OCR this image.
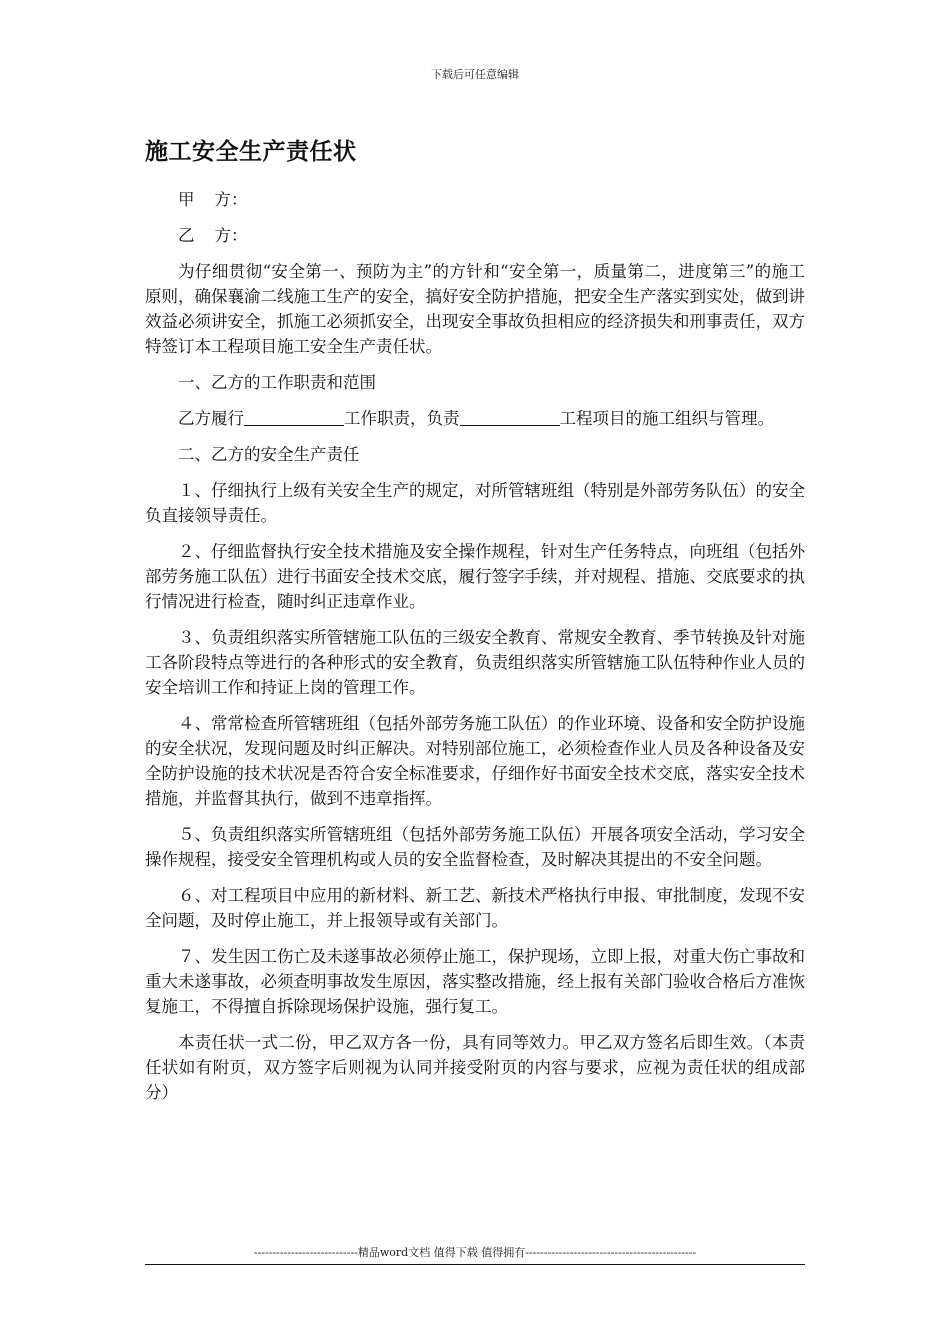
下载后可任意编辑
施工安全生产责任状

甲 方：

乙 方：

为仔细贯彻“安全第一、预防为主”的方针和“安全第一，质量第二，进度第三”的施工原则，确保襄渝二线施工生产的安全，搞好安全防护措施，把安全生产落实到实处，做到讲效益必须讲安全，抓施工必须抓安全，出现安全事故负担相应的经济损失和刑事责任，双方特签订本工程项目施工安全生产责任状。

一、乙方的工作职责和范围

乙方履行	工作职责，负责	工程项目的施工组织与管理。

二、乙方的安全生产责任

１、仔细执行上级有关安全生产的规定，对所管辖班组（特别是外部劳务队伍）的安全负直接领导责任。

２、仔细监督执行安全技术措施及安全操作规程，针对生产任务特点，向班组（包括外部劳务施工队伍）进行书面安全技术交底，履行签字手续，并对规程、措施、交底要求的执行情况进行检查，随时纠正违章作业。

３、负责组织落实所管辖施工队伍的三级安全教育、常规安全教育、季节转换及针对施工各阶段特点等进行的各种形式的安全教育，负责组织落实所管辖施工队伍特种作业人员的安全培训工作和持证上岗的管理工作。

４、常常检查所管辖班组（包括外部劳务施工队伍）的作业环境、设备和安全防护设施的安全状况，发现问题及时纠正解决。对特别部位施工，必须检查作业人员及各种设备及安全防护设施的技术状况是否符合安全标准要求，仔细作好书面安全技术交底，落实安全技术措施，并监督其执行，做到不违章指挥。

５、负责组织落实所管辖班组（包括外部劳务施工队伍）开展各项安全活动，学习安全操作规程，接受安全管理机构或人员的安全监督检查，及时解决其提出的不安全问题。

６、对工程项目中应用的新材料、新工艺、新技术严格执行申报、审批制度，发现不安全问题，及时停止施工，并上报领导或有关部门。

７、发生因工伤亡及未遂事故必须停止施工，保护现场，立即上报，对重大伤亡事故和重大未遂事故，必须查明事故发生原因，落实整改措施，经上报有关部门验收合格后方准恢复施工，不得擅自拆除现场保护设施，强行复工。

本责任状一式二份，甲乙双方各一份，具有同等效力。甲乙双方签名后即生效。（本责任状如有附页，双方签字后则视为认同并接受附页的内容与要求，应视为责任状的组成部分）

----------------------------精品word文档 值得下载 值得拥有----------------------------------------------
